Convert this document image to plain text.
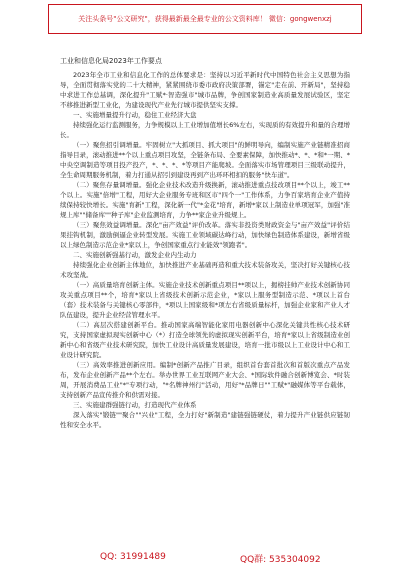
关注头条号"公文研究"，获得最新最全最专业的公文资料库！ 微信：gongwenxzj
工业和信息化局2023年工作要点

2023年全市工业和信息化工作的总体要求是：坚持以习近平新时代中国特色社会主义思想为指导，全面贯彻落实党的二十大精神，紧紧围绕市委市政府决策部署，锚定"走在前、开新局"，坚持稳中求进工作总基调，深化提升"工赋*·智造强市"城市品牌，争创国家制造业高质量发展试验区，坚定不移推进新型工业化，为建设现代产业先行城市提供坚实支撑。

一、实施增量提升行动，稳住工业经济大盘

持续强化运行监测服务，力争规模以上工业增加值增长6%左右，实现质的有效提升和量的合理增长。

（一）聚焦招引调增量。牢固树立"大抓项目、抓大项目"的鲜明导向，编制实施产业链精准招商指导目录，滚动推进**个以上重点项目攻坚，全链条布局、全要素保障，加快推动*、*、*和*一期、*中央空调制造等项目投产投产，*、*、*、*等项目产能爬坡。全面落实市场管理项目三级联动提升，全生命周期服务机制，着力打通从招引到建设再到产出环环相扣的服务"快车道"。

（二）聚焦存量调增量。强化企业技术改造升级换新，滚动推进重点技改项目**个以上，竣工**个以上。实施"倍增"工程，用好大企业服务专班和区市"四个一"工作体系，力争百家培育企业产值持续保持较快增长。实施"育新"工程，深化新一代"*金花"培育，新增*家以上制造业单项冠军，加强"准规上库""储备库""种子库"企业监测培育，力争**家企业升级规上。

（三）聚焦效益调增量。深化"亩产效益"评价改革。落实非投资类财政资金与"亩产效益"评价结果挂钩机制，激励倒逼企业转型发展。实施工业领域碳达峰行动，加快绿色制造体系建设，新增省级以上绿色制造示范企业*家以上，争创国家重点行业能效"领跑者"。

二、实施创新强基行动，激发企业内生动力

持续强化企业创新主体地位，加快推进产业基础再造和重大技术装备攻关，坚决打好关键核心技术攻坚战。

（一）高质量培育创新主体。实施企业技术创新重点项目**项以上，揭榜挂帅产业技术创新协同攻关重点项目**个，培育*家以上省级技术创新示范企业，*家以上服务型制造示范、*项以上首台（套）技术装备与关键核心零部件，*项以上国家级和*项左右省级质量标杆，加强企业家和产业人才队伍建设，提升企业经营管理水平。

（二）高层次搭建创新平台。推动国家高端智能化家用电器创新中心深化关键共性核心技术研究，支持国家虚拟现实创新中心（*）打造全球领先的虚拟现实创新平台，培育*家以上省级制造业创新中心和省级产业技术研究院，加快工业设计高质量发展建设，培育一批市级以上工业设计中心和工业设计研究院。

（三）高效率推进创新应用。编制*创新产品推广目录，组织首台套首批次和首版次重点产品发布，发布企业创新产品**个左右。举办世界工业互联网产业大会、*国际软件融合创新博览会、*时装周，开展消费品工业"*"专项行动，"*名牌神州行"活动，用好"*品牌日""工赋*"融媒体等平台载体，支持创新产品宣传推介和供需对接。

三、实施建群强链行动，打造现代产业体系

深入落实"锻链""聚合""兴业"工程，全力打好"新制造"建链强链硬仗，着力提升产业链供应链韧性和安全水平。

QQ: 31991489	QQ群: 535304092
